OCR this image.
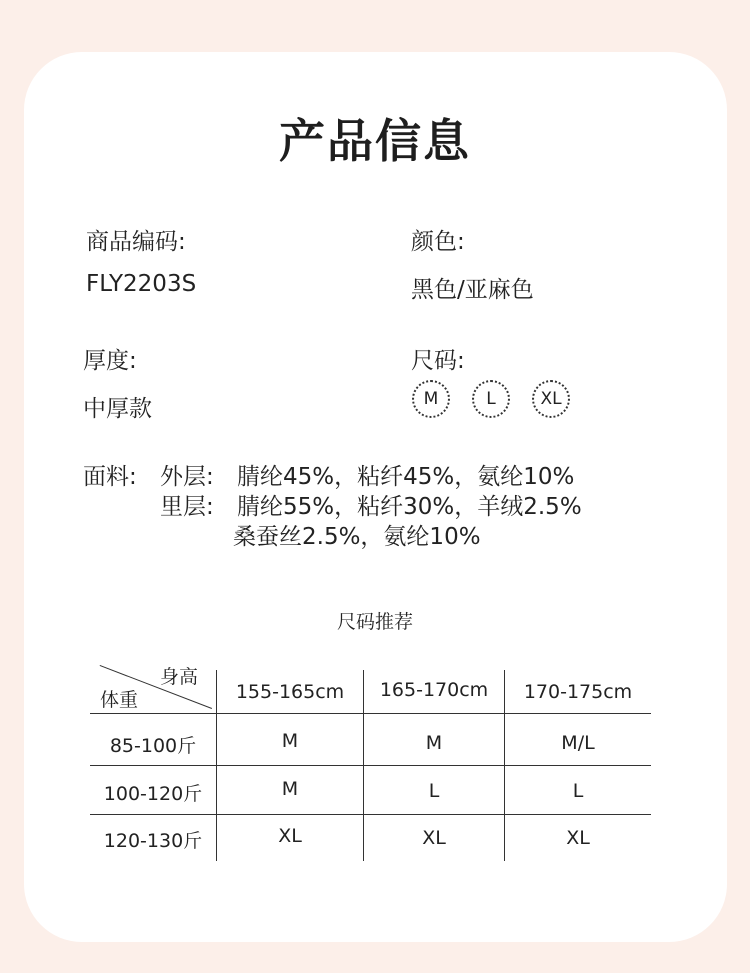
产品信息
商品编码:
FLY2203S
颜色:
黑色/亚麻色
厚度:
中厚款
尺码:
M	L	XL
面料: 外层: 腈纶45%，粘纤45%，氨纶10%
里层: 腈纶55%，粘纤30%，羊绒2.5%
桑蚕丝2.5%，氨纶10%
尺码推荐
身高
体重	155-165cm	165-170cm	170-175cm
85-100斤	M	M	M/L
100-120斤	M	L	L
120-130斤	XL	XL	XL
